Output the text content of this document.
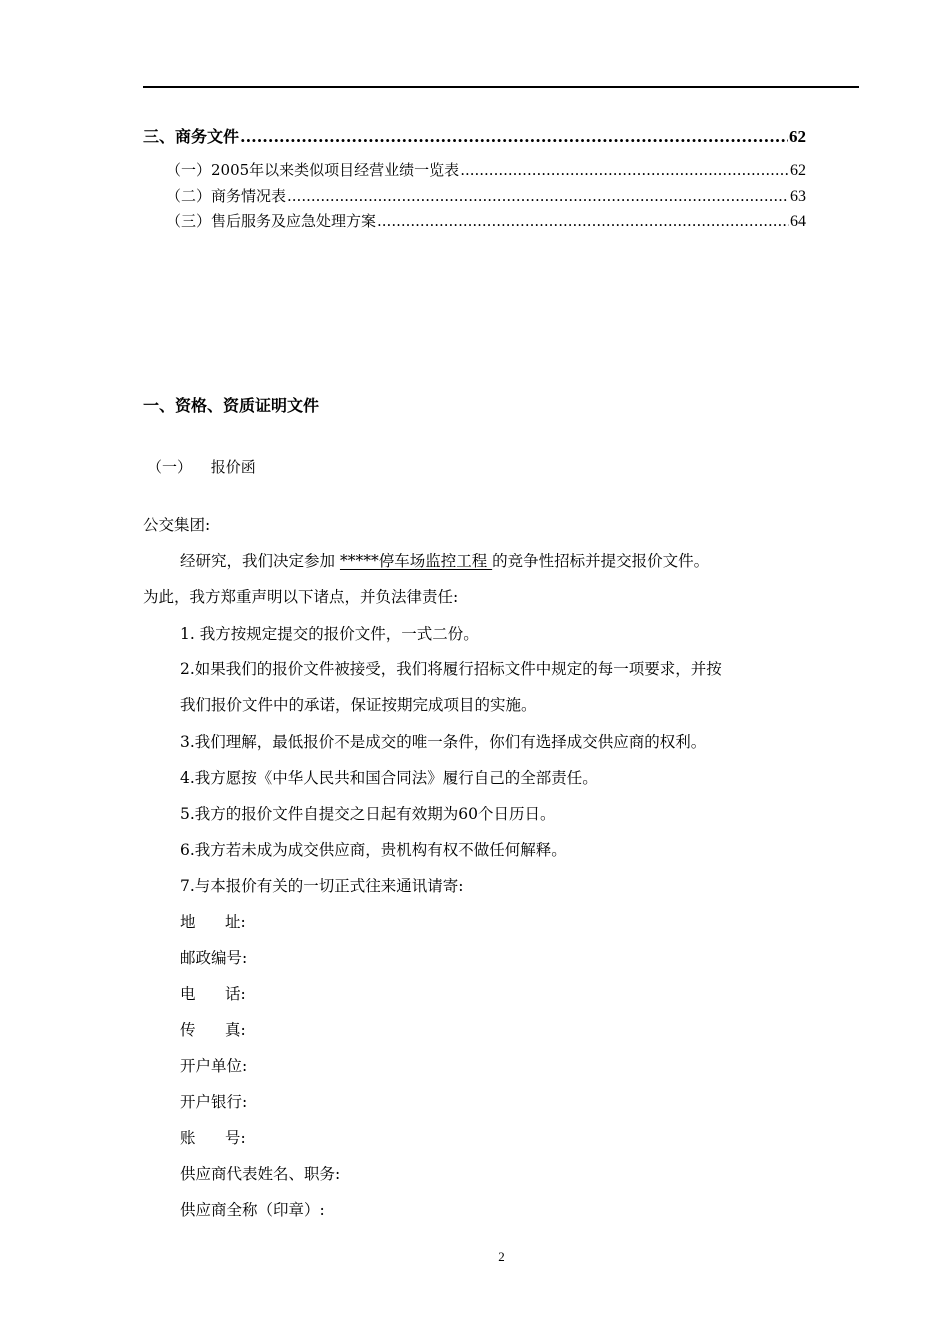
三、商务文件 .....	62
（一）2005年以来类似项目经营业绩一览表 .....	62
（二）商务情况表 .....	63
（三）售后服务及应急处理方案 .....	64
一、资格、资质证明文件
（一） 报价函
公交集团:
经研究，我们决定参加 *****停车场监控工程 的竞争性招标并提交报价文件。
为此，我方郑重声明以下诸点，并负法律责任:
1. 我方按规定提交的报价文件，一式二份。
2.如果我们的报价文件被接受，我们将履行招标文件中规定的每一项要求，并按
我们报价文件中的承诺，保证按期完成项目的实施。
3.我们理解，最低报价不是成交的唯一条件，你们有选择成交供应商的权利。
4.我方愿按《中华人民共和国合同法》履行自己的全部责任。
5.我方的报价文件自提交之日起有效期为60个日历日。
6.我方若未成为成交供应商，贵机构有权不做任何解释。
7.与本报价有关的一切正式往来通讯请寄:
地      址:
邮政编号:
电      话:
传      真:
开户单位:
开户银行:
账      号:
供应商代表姓名、职务:
供应商全称（印章）:
2
